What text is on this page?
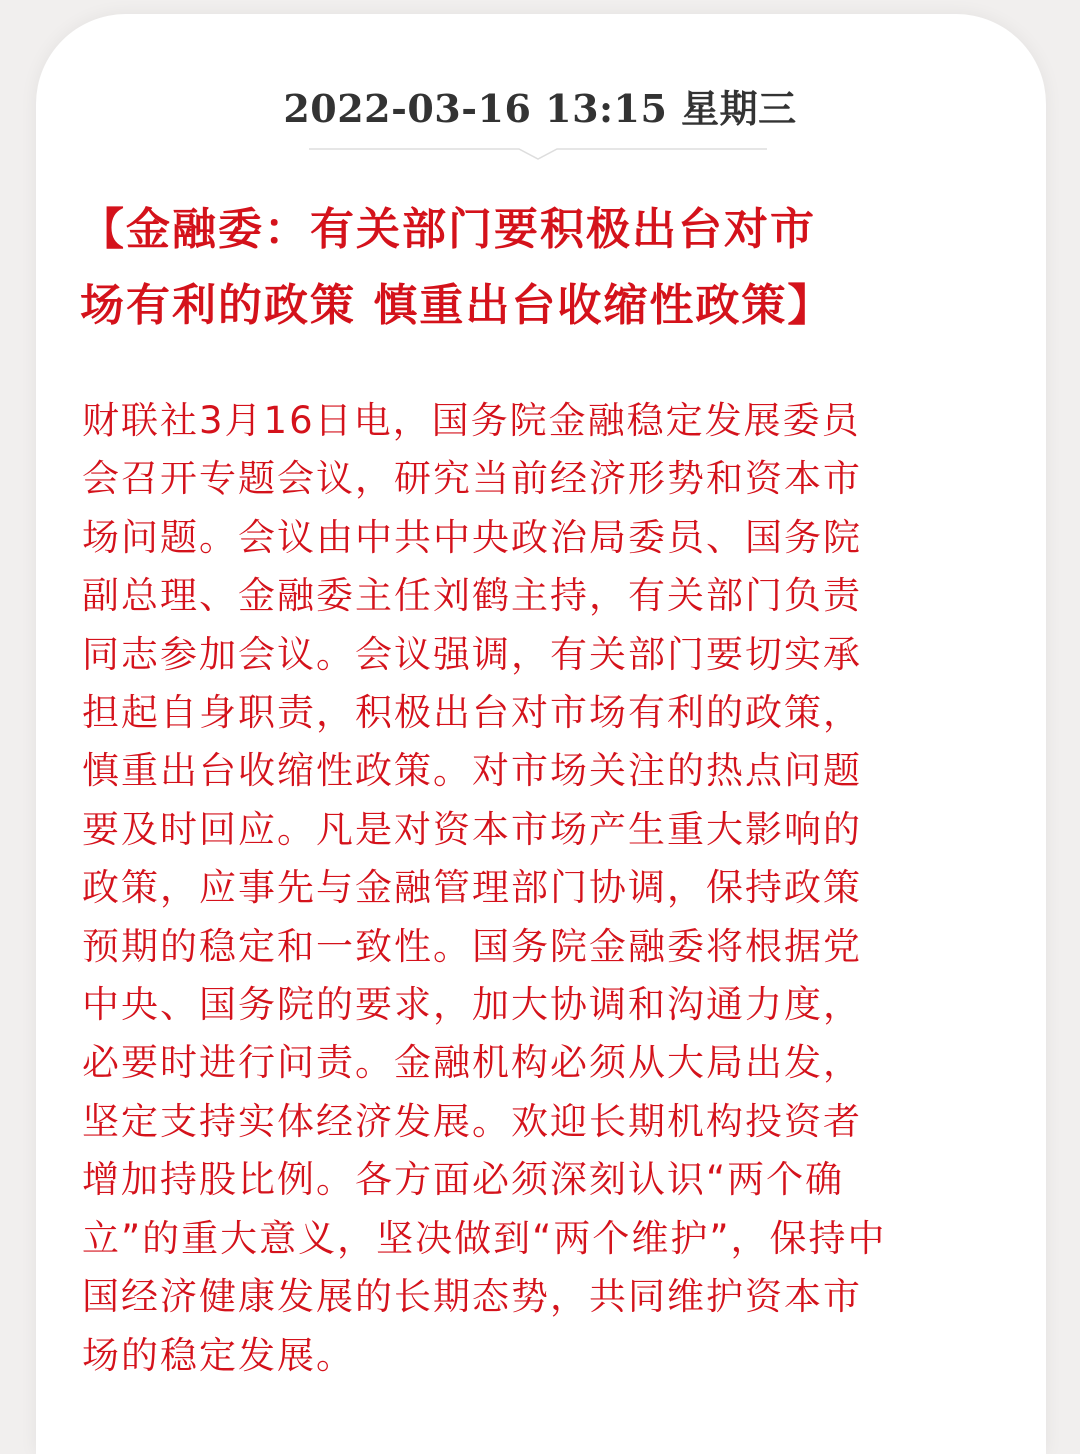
2022-03-16 13:15 星期三
【金融委：有关部门要积极出台对市
场有利的政策 慎重出台收缩性政策】

财联社3月16日电，国务院金融稳定发展委员
会召开专题会议，研究当前经济形势和资本市
场问题。会议由中共中央政治局委员、国务院
副总理、金融委主任刘鹤主持，有关部门负责
同志参加会议。会议强调，有关部门要切实承
担起自身职责，积极出台对市场有利的政策，
慎重出台收缩性政策。对市场关注的热点问题
要及时回应。凡是对资本市场产生重大影响的
政策，应事先与金融管理部门协调，保持政策
预期的稳定和一致性。国务院金融委将根据党
中央、国务院的要求，加大协调和沟通力度，
必要时进行问责。金融机构必须从大局出发，
坚定支持实体经济发展。欢迎长期机构投资者
增加持股比例。各方面必须深刻认识“两个确
立”的重大意义，坚决做到“两个维护”，保持中
国经济健康发展的长期态势，共同维护资本市
场的稳定发展。
